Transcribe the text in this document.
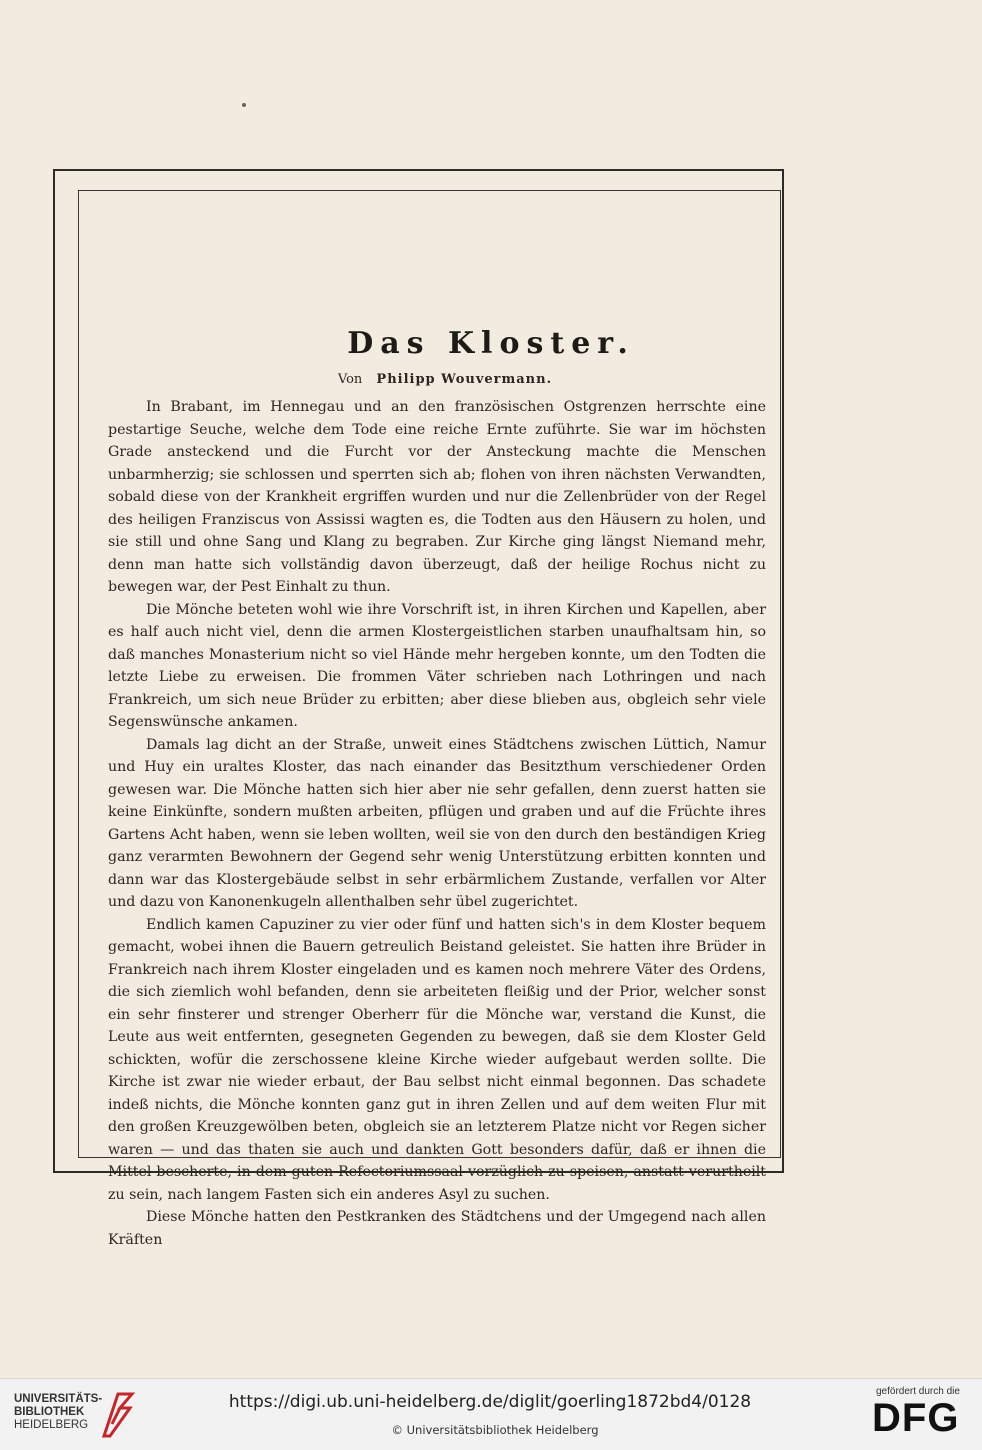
Das Kloster.
Von Philipp Wouvermann.

In Brabant, im Hennegau und an den französischen Ostgrenzen herrschte eine pestartige Seuche, welche dem Tode eine reiche Ernte zuführte. Sie war im höchsten Grade ansteckend und die Furcht vor der Ansteckung machte die Menschen unbarmherzig; sie schlossen und sperrten sich ab; flohen von ihren nächsten Verwandten, sobald diese von der Krankheit ergriffen wurden und nur die Zellenbrüder von der Regel des heiligen Franziscus von Assissi wagten es, die Todten aus den Häusern zu holen, und sie still und ohne Sang und Klang zu begraben. Zur Kirche ging längst Niemand mehr, denn man hatte sich vollständig davon überzeugt, daß der heilige Rochus nicht zu bewegen war, der Pest Einhalt zu thun.

Die Mönche beteten wohl wie ihre Vorschrift ist, in ihren Kirchen und Kapellen, aber es half auch nicht viel, denn die armen Klostergeistlichen starben unaufhaltsam hin, so daß manches Monasterium nicht so viel Hände mehr hergeben konnte, um den Todten die letzte Liebe zu erweisen. Die frommen Väter schrieben nach Lothringen und nach Frankreich, um sich neue Brüder zu erbitten; aber diese blieben aus, obgleich sehr viele Segenswünsche ankamen.

Damals lag dicht an der Straße, unweit eines Städtchens zwischen Lüttich, Namur und Huy ein uraltes Kloster, das nach einander das Besitzthum verschiedener Orden gewesen war. Die Mönche hatten sich hier aber nie sehr gefallen, denn zuerst hatten sie keine Einkünfte, sondern mußten arbeiten, pflügen und graben und auf die Früchte ihres Gartens Acht haben, wenn sie leben wollten, weil sie von den durch den beständigen Krieg ganz verarmten Bewohnern der Gegend sehr wenig Unterstützung erbitten konnten und dann war das Klostergebäude selbst in sehr erbärmlichem Zustande, verfallen vor Alter und dazu von Kanonenkugeln allenthalben sehr übel zugerichtet.

Endlich kamen Capuziner zu vier oder fünf und hatten sich's in dem Kloster bequem gemacht, wobei ihnen die Bauern getreulich Beistand geleistet. Sie hatten ihre Brüder in Frankreich nach ihrem Kloster eingeladen und es kamen noch mehrere Väter des Ordens, die sich ziemlich wohl befanden, denn sie arbeiteten fleißig und der Prior, welcher sonst ein sehr finsterer und strenger Oberherr für die Mönche war, verstand die Kunst, die Leute aus weit entfernten, gesegneten Gegenden zu bewegen, daß sie dem Kloster Geld schickten, wofür die zerschossene kleine Kirche wieder aufgebaut werden sollte. Die Kirche ist zwar nie wieder erbaut, der Bau selbst nicht einmal begonnen. Das schadete indeß nichts, die Mönche konnten ganz gut in ihren Zellen und auf dem weiten Flur mit den großen Kreuzgewölben beten, obgleich sie an letzterem Platze nicht vor Regen sicher waren — und das thaten sie auch und dankten Gott besonders dafür, daß er ihnen die Mittel bescherte, in dem guten Refectoriumssaal vorzüglich zu speisen, anstatt verurtheilt zu sein, nach langem Fasten sich ein anderes Asyl zu suchen.

Diese Mönche hatten den Pestkranken des Städtchens und der Umgegend nach allen Kräften

UNIVERSITÄTS-
BIBLIOTHEK
HEIDELBERG
https://digi.ub.uni-heidelberg.de/diglit/goerling1872bd4/0128
© Universitätsbibliothek Heidelberg
gefördert durch die
DFG
